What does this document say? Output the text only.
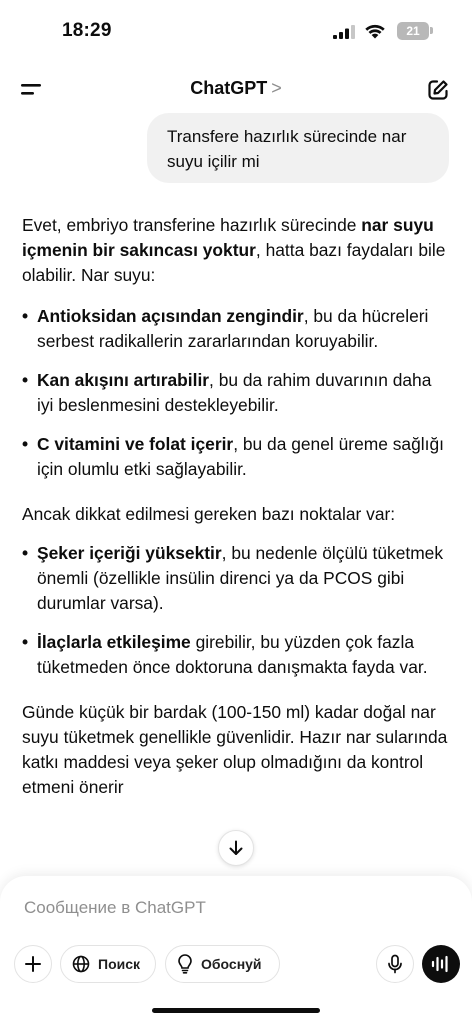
18:29	21
ChatGPT >
Transfere hazırlık sürecinde nar suyu içilir mi

Evet, embriyo transferine hazırlık sürecinde nar suyu içmenin bir sakıncası yoktur, hatta bazı faydaları bile olabilir. Nar suyu:

• Antioksidan açısından zengindir, bu da hücreleri serbest radikallerin zararlarından koruyabilir.
• Kan akışını artırabilir, bu da rahim duvarının daha iyi beslenmesini destekleyebilir.
• C vitamini ve folat içerir, bu da genel üreme sağlığı için olumlu etki sağlayabilir.

Ancak dikkat edilmesi gereken bazı noktalar var:

• Şeker içeriği yüksektir, bu nedenle ölçülü tüketmek önemli (özellikle insülin direnci ya da PCOS gibi durumlar varsa).
• İlaçlarla etkileşime girebilir, bu yüzden çok fazla tüketmeden önce doktoruna danışmakta fayda var.

Günde küçük bir bardak (100-150 ml) kadar doğal nar suyu tüketmek genellikle güvenlidir. Hazır nar sularında katkı maddesi veya şeker olup olmadığını da kontrol etmeni önerir

Сообщение в ChatGPT
Поиск	Обоснуй
